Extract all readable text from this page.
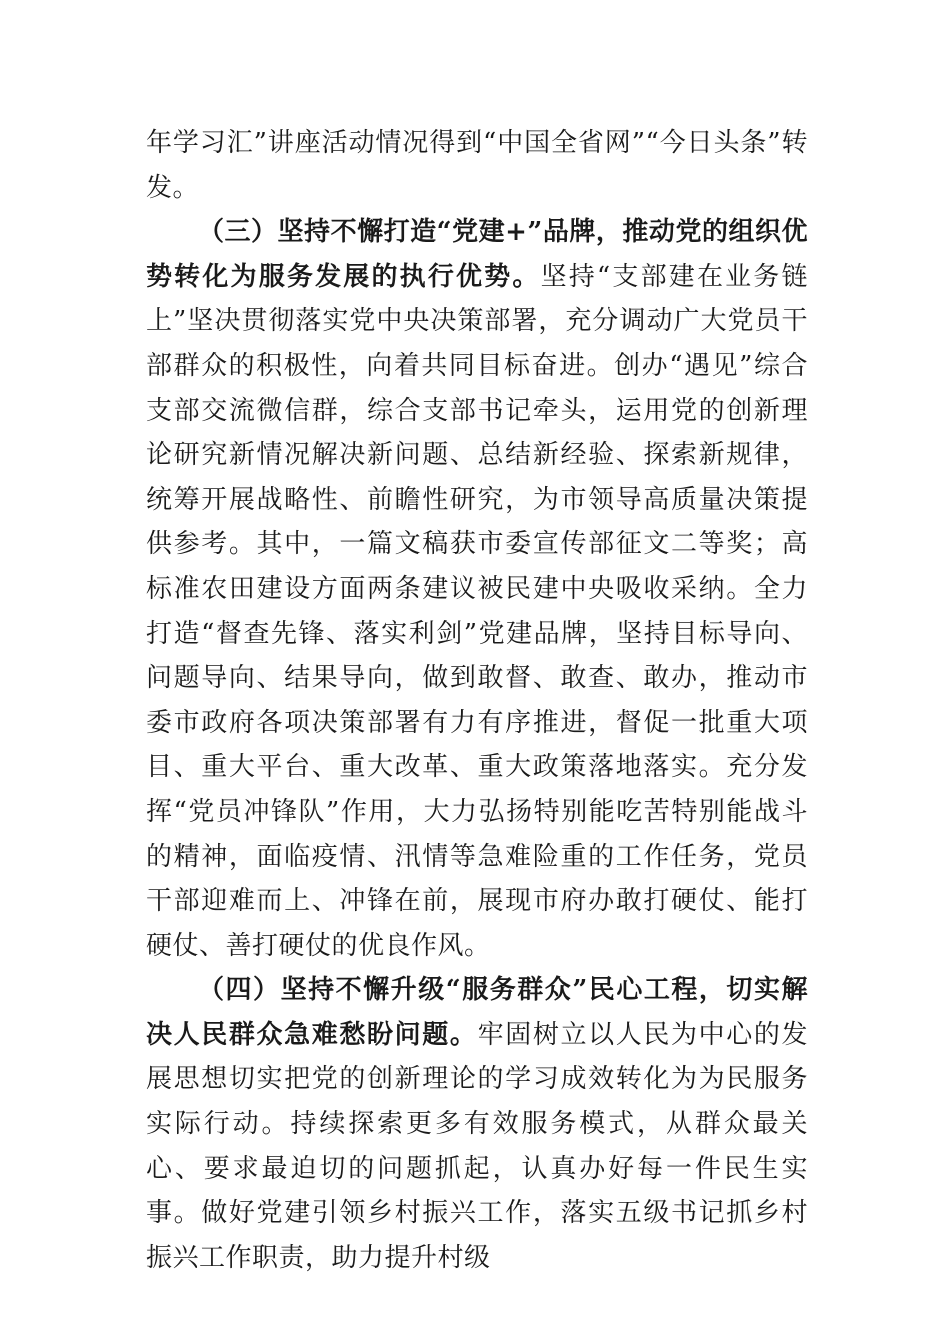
年学习汇”讲座活动情况得到“中国全省网”“今日头条”转发。

（三）坚持不懈打造“党建+”品牌，推动党的组织优势转化为服务发展的执行优势。坚持“支部建在业务链上”坚决贯彻落实党中央决策部署，充分调动广大党员干部群众的积极性，向着共同目标奋进。创办“遇见”综合支部交流微信群，综合支部书记牵头，运用党的创新理论研究新情况解决新问题、总结新经验、探索新规律，统筹开展战略性、前瞻性研究，为市领导高质量决策提供参考。其中，一篇文稿获市委宣传部征文二等奖；高标准农田建设方面两条建议被民建中央吸收采纳。全力打造“督查先锋、落实利剑”党建品牌，坚持目标导向、问题导向、结果导向，做到敢督、敢查、敢办，推动市委市政府各项决策部署有力有序推进，督促一批重大项目、重大平台、重大改革、重大政策落地落实。充分发挥“党员冲锋队”作用，大力弘扬特别能吃苦特别能战斗的精神，面临疫情、汛情等急难险重的工作任务，党员干部迎难而上、冲锋在前，展现市府办敢打硬仗、能打硬仗、善打硬仗的优良作风。

（四）坚持不懈升级“服务群众”民心工程，切实解决人民群众急难愁盼问题。牢固树立以人民为中心的发展思想切实把党的创新理论的学习成效转化为为民服务实际行动。持续探索更多有效服务模式，从群众最关心、要求最迫切的问题抓起，认真办好每一件民生实事。做好党建引领乡村振兴工作，落实五级书记抓乡村振兴工作职责，助力提升村级
